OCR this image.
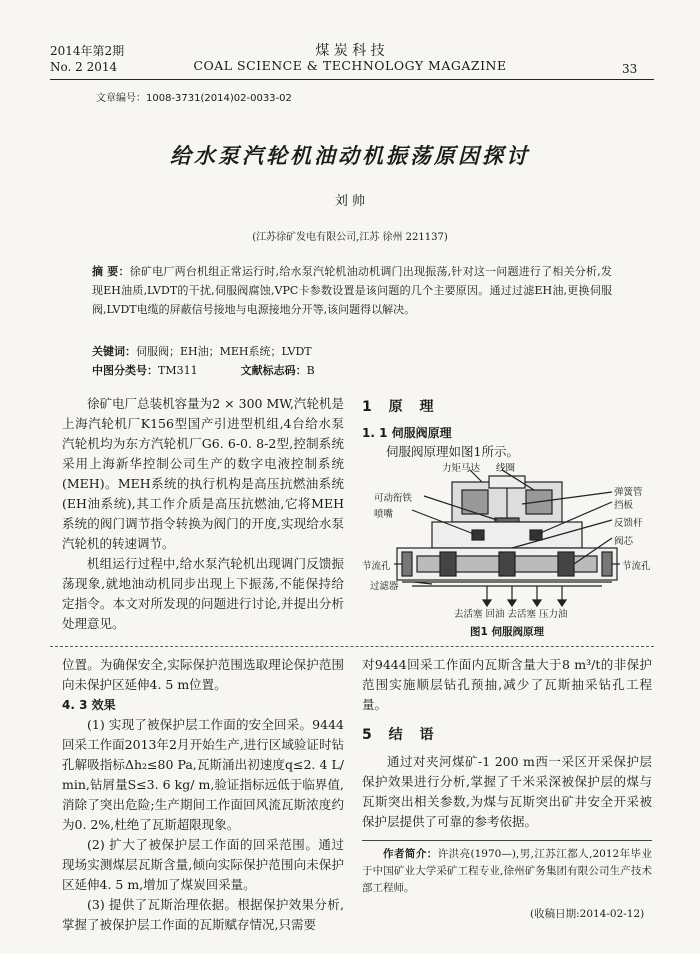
2014年第2期
No. 2 2014
煤 炭 科 技
COAL SCIENCE & TECHNOLOGY MAGAZINE	33
文章编号：1008-3731(2014)02-0033-02
给水泵汽轮机油动机振荡原因探讨
刘 帅
(江苏徐矿发电有限公司,江苏 徐州 221137)
摘 要：徐矿电厂两台机组正常运行时,给水泵汽轮机油动机调门出现振荡,针对这一问题进行了相关分析,发现EH油质,LVDT的干扰,伺服阀腐蚀,VPC卡参数设置是该问题的几个主要原因。通过过滤EH油,更换伺服阀,LVDT电缆的屏蔽信号接地与电源接地分开等,该问题得以解决。
关键词：伺服阀；EH油；MEH系统；LVDT
中图分类号：TM311	文献标志码：B

徐矿电厂总装机容量为2 × 300 MW,汽轮机是上海汽轮机厂K156型国产引进型机组,4台给水泵汽轮机均为东方汽轮机厂G6. 6-0. 8-2型,控制系统采用上海新华控制公司生产的数字电液控制系统(MEH)。MEH系统的执行机构是高压抗燃油系统(EH油系统),其工作介质是高压抗燃油,它将MEH系统的阀门调节指令转换为阀门的开度,实现给水泵汽轮机的转速调节。

机组运行过程中,给水泵汽轮机出现调门反馈振荡现象,就地油动机同步出现上下振荡,不能保持给定指令。本文对所发现的问题进行讨论,并提出分析处理意见。

1 原 理
1. 1 伺服阀原理
伺服阀原理如图1所示。
力矩马达 线圈
可动衔铁
喷嘴
弹簧管
挡板
反馈杆
阀芯
节流孔	节流孔
过滤器
去活塞 回油 去活塞 压力油
图1 伺服阀原理

位置。为确保安全,实际保护范围选取理论保护范围向未保护区延伸4. 5 m位置。

4. 3 效果

(1) 实现了被保护层工作面的安全回采。9444回采工作面2013年2月开始生产,进行区域验证时钻孔解吸指标Δh₂≤80 Pa,瓦斯涌出初速度q≤2. 4 L/ min,钻屑量S≤3. 6 kg/ m,验证指标远低于临界值,消除了突出危险;生产期间工作面回风流瓦斯浓度约为0. 2%,杜绝了瓦斯超限现象。

(2) 扩大了被保护层工作面的回采范围。通过现场实测煤层瓦斯含量,倾向实际保护范围向未保护区延伸4. 5 m,增加了煤炭回采量。

(3) 提供了瓦斯治理依据。根据保护效果分析,掌握了被保护层工作面的瓦斯赋存情况,只需要

对9444回采工作面内瓦斯含量大于8 m³/t的非保护范围实施顺层钻孔预抽,减少了瓦斯抽采钻孔工程量。

5 结 语

通过对夹河煤矿-1 200 m西一采区开采保护层保护效果进行分析,掌握了千米采深被保护层的煤与瓦斯突出相关参数,为煤与瓦斯突出矿井安全开采被保护层提供了可靠的参考依据。

作者简介：许洪亮(1970—),男,江苏江都人,2012年毕业于中国矿业大学采矿工程专业,徐州矿务集团有限公司生产技术部工程师。
(收稿日期:2014-02-12)
